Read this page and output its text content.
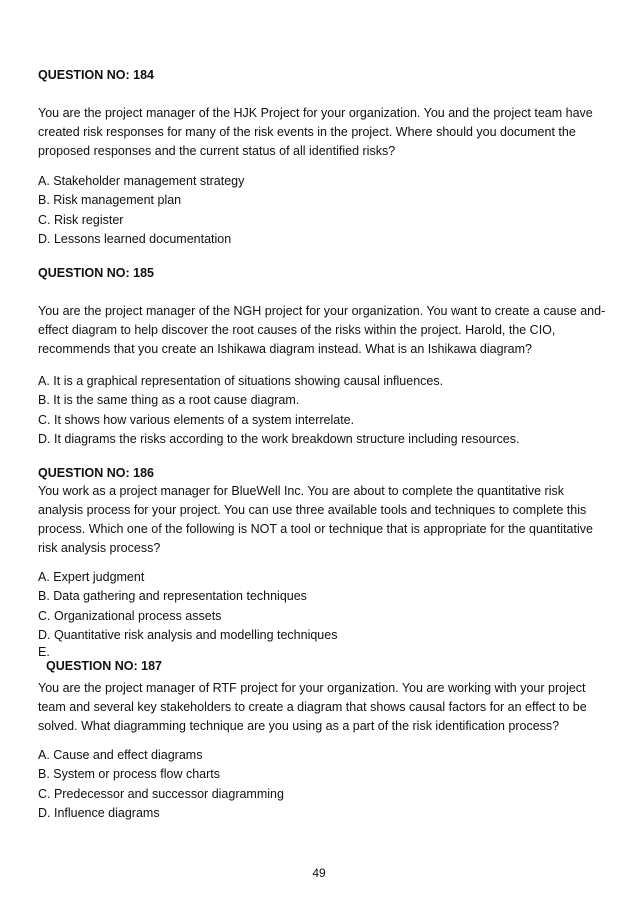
QUESTION NO: 184

You are the project manager of the HJK Project for your organization. You and the project team have created risk responses for many of the risk events in the project. Where should you document the proposed responses and the current status of all identified risks?

A. Stakeholder management strategy
B. Risk management plan
C. Risk register
D. Lessons learned documentation
QUESTION NO: 185

You are the project manager of the NGH project for your organization. You want to create a cause and- effect diagram to help discover the root causes of the risks within the project. Harold, the CIO, recommends that you create an Ishikawa diagram instead. What is an Ishikawa diagram?

A. It is a graphical representation of situations showing causal influences.
B. It is the same thing as a root cause diagram.
C. It shows how various elements of a system interrelate.
D. It diagrams the risks according to the work breakdown structure including resources.
QUESTION NO: 186

You work as a project manager for BlueWell Inc. You are about to complete the quantitative risk analysis process for your project. You can use three available tools and techniques to complete this process. Which one of the following is NOT a tool or technique that is appropriate for the quantitative risk analysis process?

A. Expert judgment
B. Data gathering and representation techniques
C. Organizational process assets
D. Quantitative risk analysis and modelling techniques
E.
QUESTION NO: 187

You are the project manager of RTF project for your organization. You are working with your project team and several key stakeholders to create a diagram that shows causal factors for an effect to be solved. What diagramming technique are you using as a part of the risk identification process?

A. Cause and effect diagrams
B. System or process flow charts
C. Predecessor and successor diagramming
D. Influence diagrams
49
